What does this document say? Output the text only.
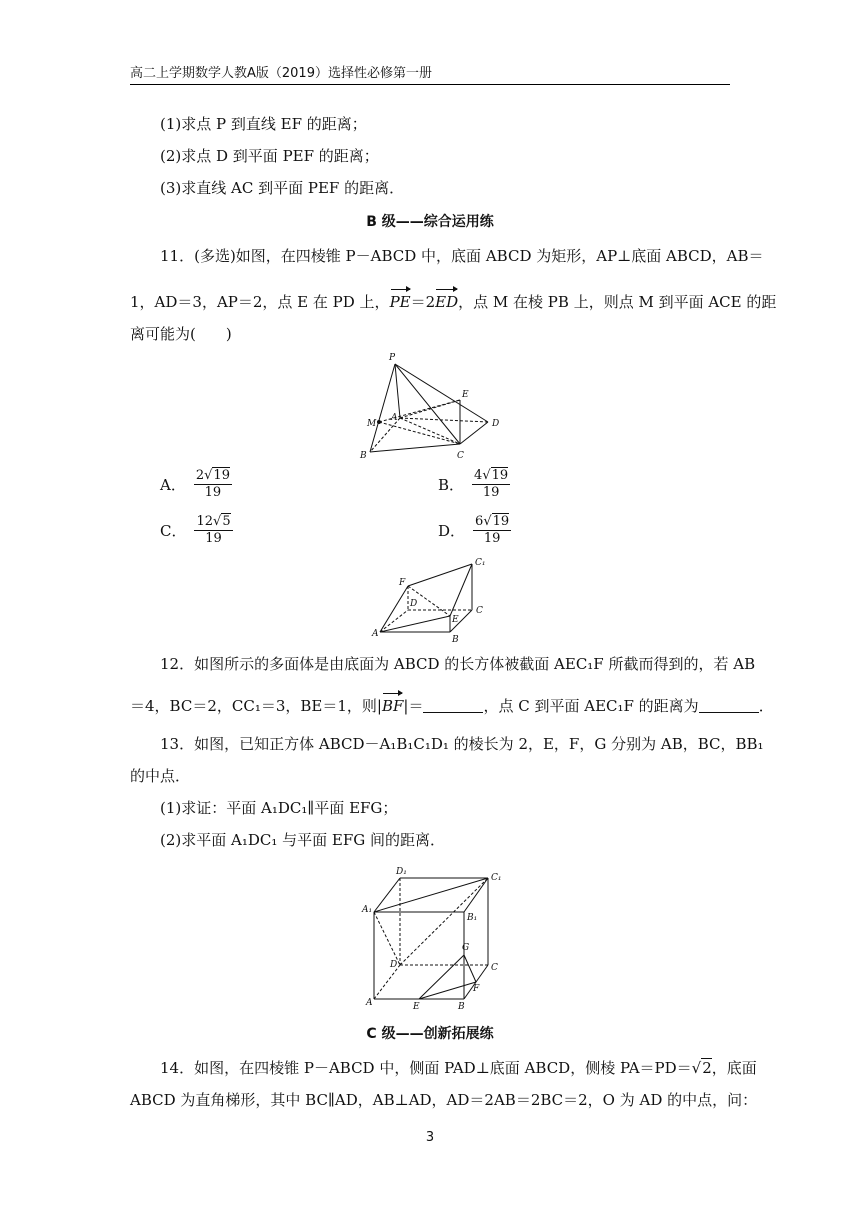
高二上学期数学人教A版（2019）选择性必修第一册
(1)求点 P 到直线 EF 的距离；
(2)求点 D 到平面 PEF 的距离；
(3)求直线 AC 到平面 PEF 的距离．
B 级——综合运用练
11．(多选)如图，在四棱锥 P－ABCD 中，底面 ABCD 为矩形，AP⊥底面 ABCD，AB＝
1，AD＝3，AP＝2，点 E 在 PD 上，PE＝2ED，点 M 在棱 PB 上，则点 M 到平面 ACE 的距
离可能为(　　)
P
E
A
M	D
B	C
A． $\frac{2√19}{19}$	B． $\frac{4√19}{19}$
C． $\frac{12√5}{19}$	D． $\frac{6√19}{19}$
F
C₁
D
C
E
A
B
12．如图所示的多面体是由底面为 ABCD 的长方体被截面 AEC₁F 所截而得到的，若 AB
＝4，BC＝2，CC₁＝3，BE＝1，则|BF|＝	，点 C 到平面 AEC₁F 的距离为	．
13．如图，已知正方体 ABCD－A₁B₁C₁D₁ 的棱长为 2，E，F，G 分别为 AB，BC，BB₁
的中点．
(1)求证：平面 A₁DC₁∥平面 EFG；
(2)求平面 A₁DC₁ 与平面 EFG 间的距离．
D₁
C₁
A₁
B₁
G
D	C
F
A	E	B
C 级——创新拓展练
14．如图，在四棱锥 P－ABCD 中，侧面 PAD⊥底面 ABCD，侧棱 PA＝PD＝√2，底面
ABCD 为直角梯形，其中 BC∥AD，AB⊥AD，AD＝2AB＝2BC＝2，O 为 AD 的中点，问：
3
